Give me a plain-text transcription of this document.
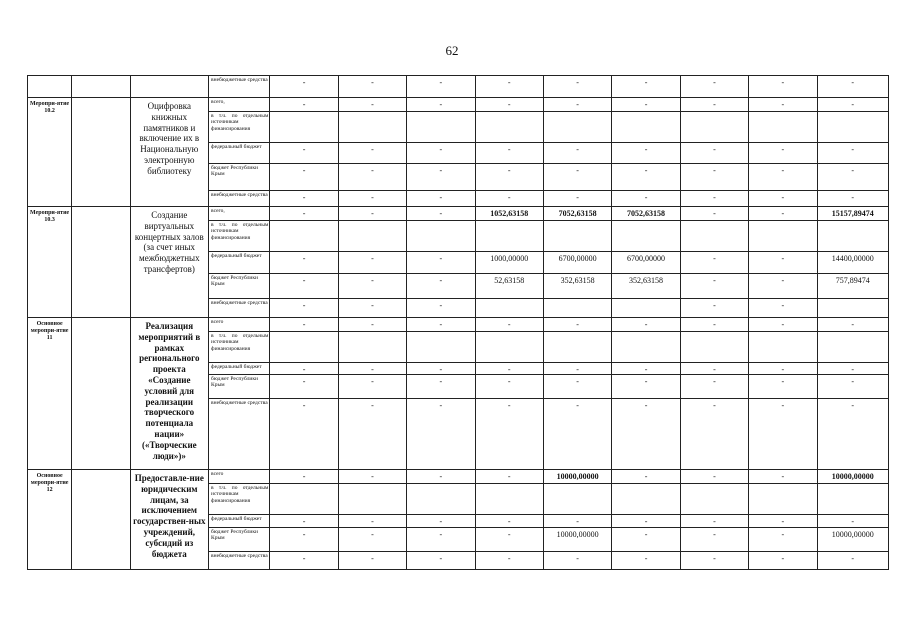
62
			внебюджетные средства	-	-	-	-	-	-	-	-	-
Меропри-ятие 10.2		Оцифровка книжных памятников и включение их в Национальную электронную библиотеку	всего,	-	-	-	-	-	-	-	-	-
			в т.ч. по отдельным источникам финансирования									
			федеральный бюджет	-	-	-	-	-	-	-	-	-
			бюджет Республики Крым	-	-	-	-	-	-	-	-	-
			внебюджетные средства	-	-	-	-	-	-	-	-	-
Меропри-ятие 10.3		Создание виртуальных концертных залов (за счет иных межбюджетных трансфертов)	всего,	-	-	-	1052,63158	7052,63158	7052,63158	-	-	15157,89474
			в т.ч. по отдельным источникам финансирования									
			федеральный бюджет	-	-	-	1000,00000	6700,00000	6700,00000	-	-	14400,00000
			бюджет Республики Крым	-	-	-	52,63158	352,63158	352,63158	-	-	757,89474
			внебюджетные средства	-	-	-				-	-	
Основное меропри-ятие 11		Реализация мероприятий в рамках регионального проекта «Создание условий для реализации творческого потенциала нации» («Творческие люди»)»	всего	-	-	-	-	-	-	-	-	-
			в т.ч. по отдельным источникам финансирования									
			федеральный бюджет	-	-	-	-	-	-	-	-	-
			бюджет Республики Крым	-	-	-	-	-	-	-	-	-
			внебюджетные средства	-	-	-	-	-	-	-	-	-
Основное меропри-ятие 12		Предоставле-ние юридическим лицам, за исключением государствен-ных учреждений, субсидий из бюджета	всего	-	-	-	-	10000,00000	-	-	-	10000,00000
			в т.ч. по отдельным источникам финансирования									
			федеральный бюджет	-	-	-	-	-	-	-	-	-
			бюджет Республики Крым	-	-	-	-	10000,00000	-	-	-	10000,00000
			внебюджетные средства	-	-	-	-	-	-	-	-	-
